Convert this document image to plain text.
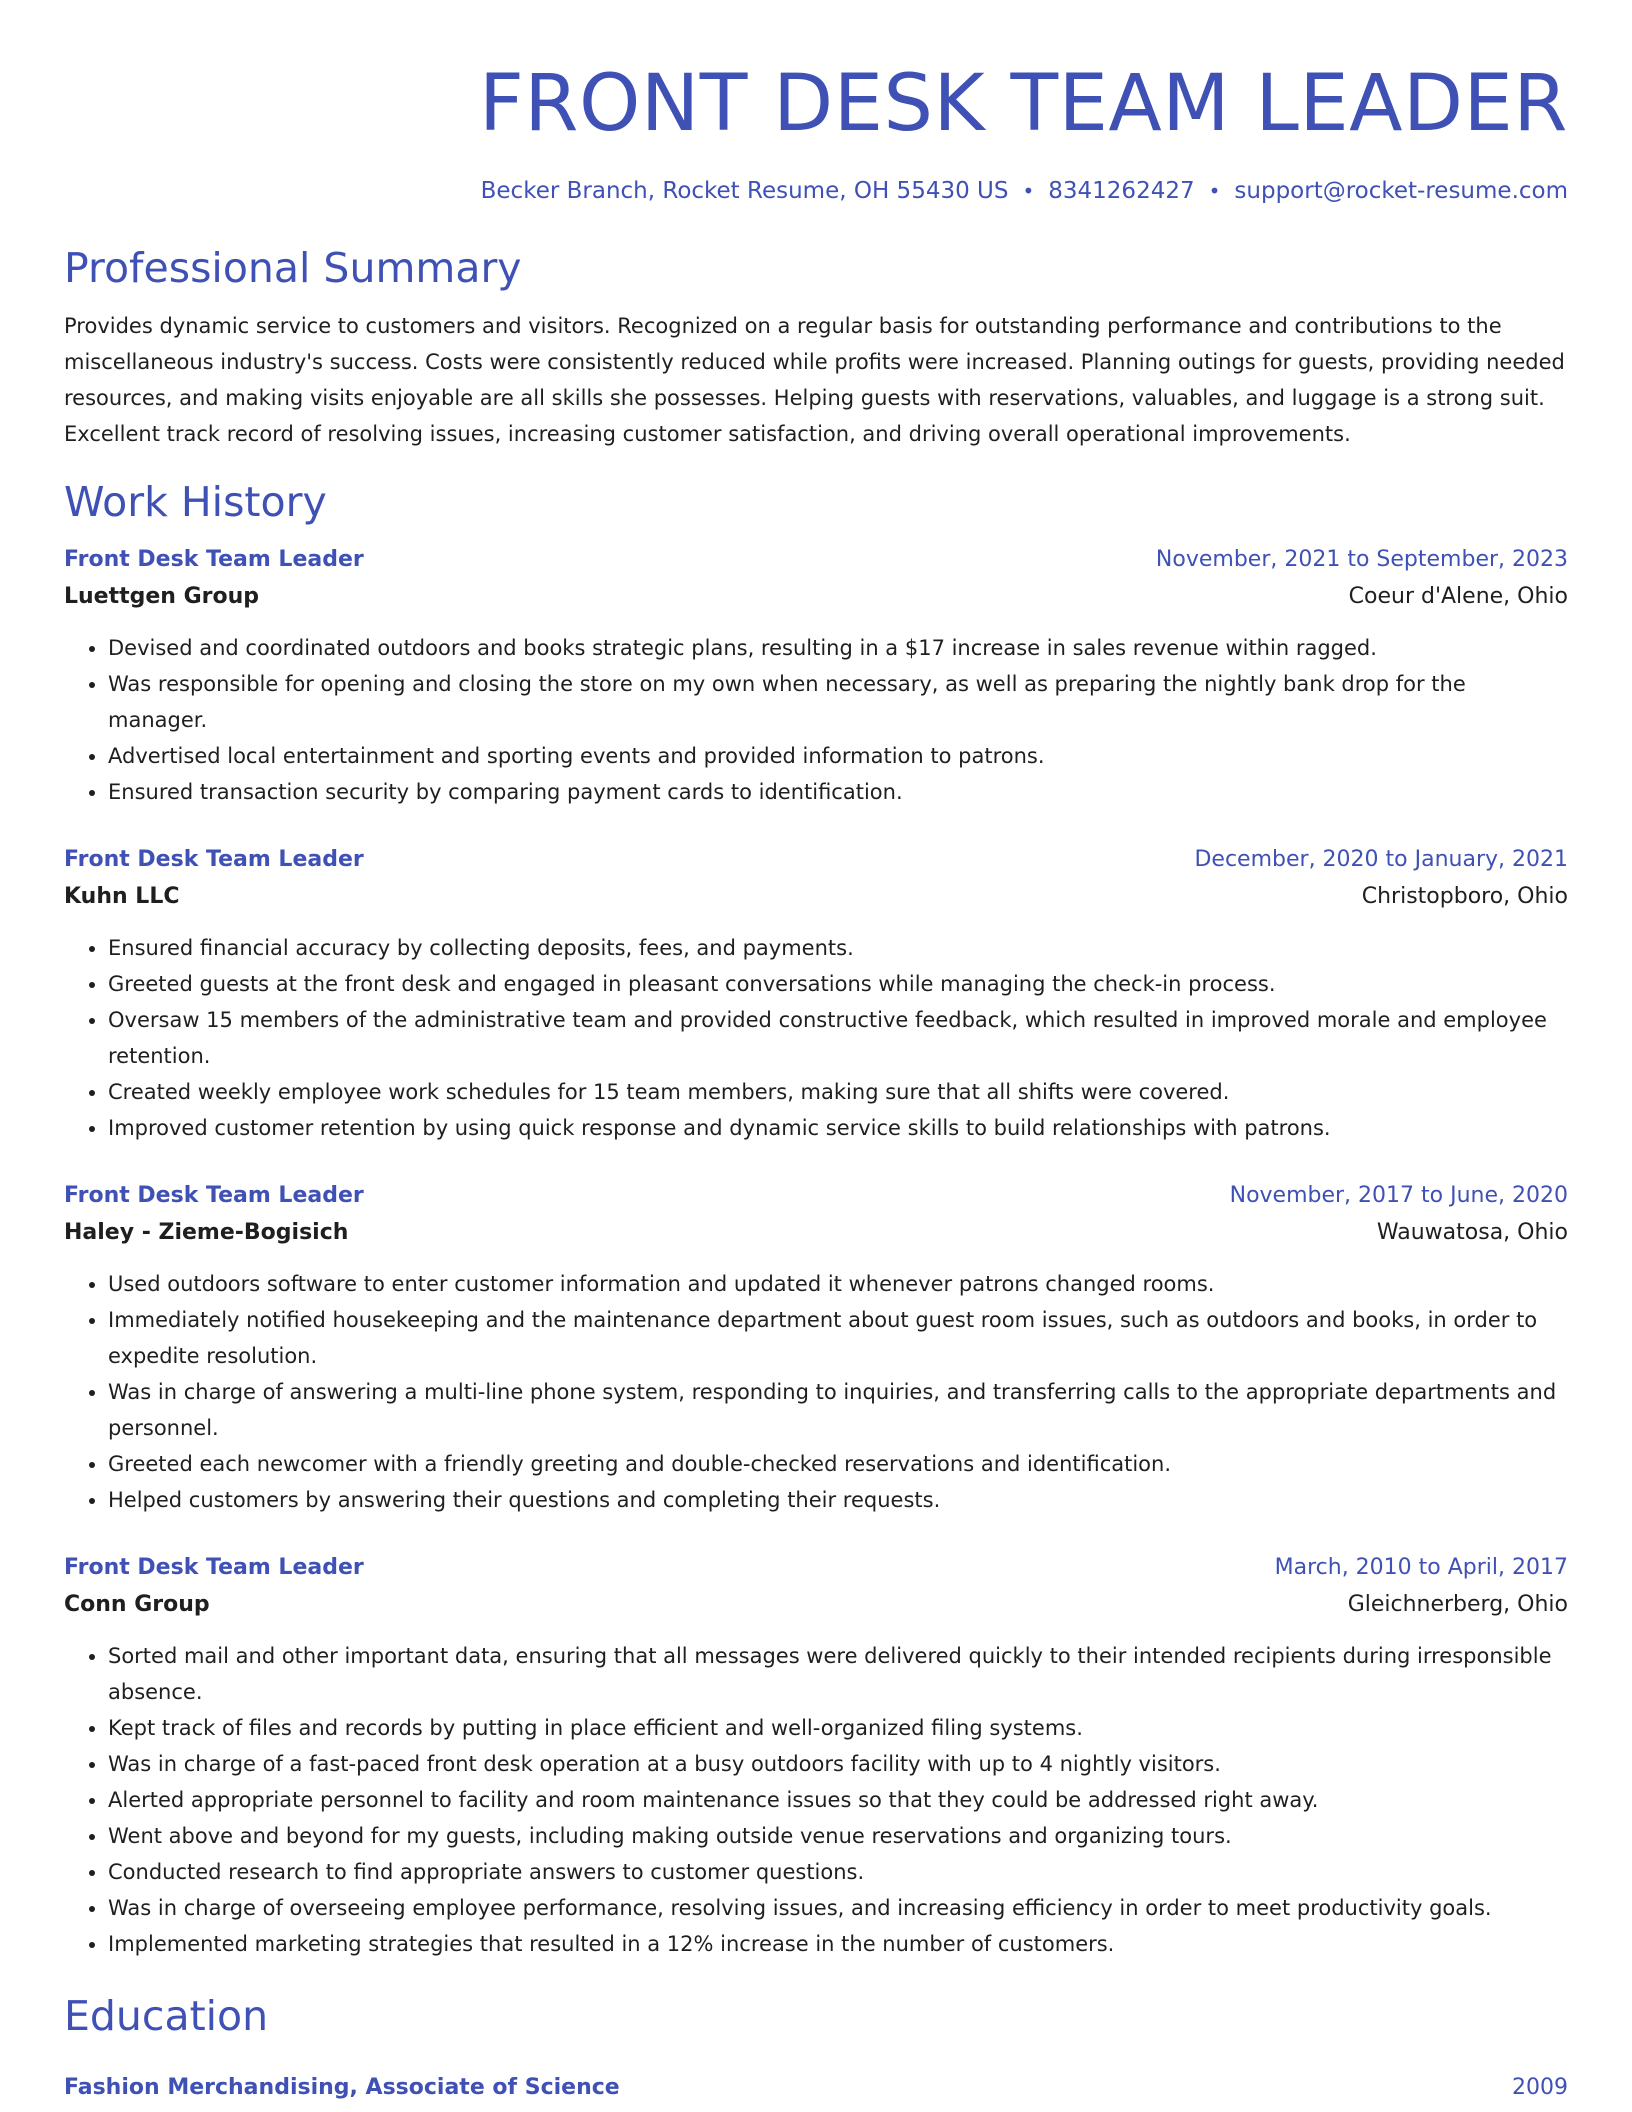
FRONT DESK TEAM LEADER
Becker Branch, Rocket Resume, OH 55430 US • 8341262427 • support@rocket-resume.com
Professional Summary
Provides dynamic service to customers and visitors. Recognized on a regular basis for outstanding performance and contributions to the miscellaneous industry's success. Costs were consistently reduced while profits were increased. Planning outings for guests, providing needed resources, and making visits enjoyable are all skills she possesses. Helping guests with reservations, valuables, and luggage is a strong suit. Excellent track record of resolving issues, increasing customer satisfaction, and driving overall operational improvements.
Work History
Front Desk Team Leader	November, 2021 to September, 2023
Luettgen Group	Coeur d'Alene, Ohio
• Devised and coordinated outdoors and books strategic plans, resulting in a $17 increase in sales revenue within ragged.
• Was responsible for opening and closing the store on my own when necessary, as well as preparing the nightly bank drop for the manager.
• Advertised local entertainment and sporting events and provided information to patrons.
• Ensured transaction security by comparing payment cards to identification.
Front Desk Team Leader	December, 2020 to January, 2021
Kuhn LLC	Christopboro, Ohio
• Ensured financial accuracy by collecting deposits, fees, and payments.
• Greeted guests at the front desk and engaged in pleasant conversations while managing the check-in process.
• Oversaw 15 members of the administrative team and provided constructive feedback, which resulted in improved morale and employee retention.
• Created weekly employee work schedules for 15 team members, making sure that all shifts were covered.
• Improved customer retention by using quick response and dynamic service skills to build relationships with patrons.
Front Desk Team Leader	November, 2017 to June, 2020
Haley - Zieme-Bogisich	Wauwatosa, Ohio
• Used outdoors software to enter customer information and updated it whenever patrons changed rooms.
• Immediately notified housekeeping and the maintenance department about guest room issues, such as outdoors and books, in order to expedite resolution.
• Was in charge of answering a multi-line phone system, responding to inquiries, and transferring calls to the appropriate departments and personnel.
• Greeted each newcomer with a friendly greeting and double-checked reservations and identification.
• Helped customers by answering their questions and completing their requests.
Front Desk Team Leader	March, 2010 to April, 2017
Conn Group	Gleichnerberg, Ohio
• Sorted mail and other important data, ensuring that all messages were delivered quickly to their intended recipients during irresponsible absence.
• Kept track of files and records by putting in place efficient and well-organized filing systems.
• Was in charge of a fast-paced front desk operation at a busy outdoors facility with up to 4 nightly visitors.
• Alerted appropriate personnel to facility and room maintenance issues so that they could be addressed right away.
• Went above and beyond for my guests, including making outside venue reservations and organizing tours.
• Conducted research to find appropriate answers to customer questions.
• Was in charge of overseeing employee performance, resolving issues, and increasing efficiency in order to meet productivity goals.
• Implemented marketing strategies that resulted in a 12% increase in the number of customers.
Education
Fashion Merchandising, Associate of Science	2009
